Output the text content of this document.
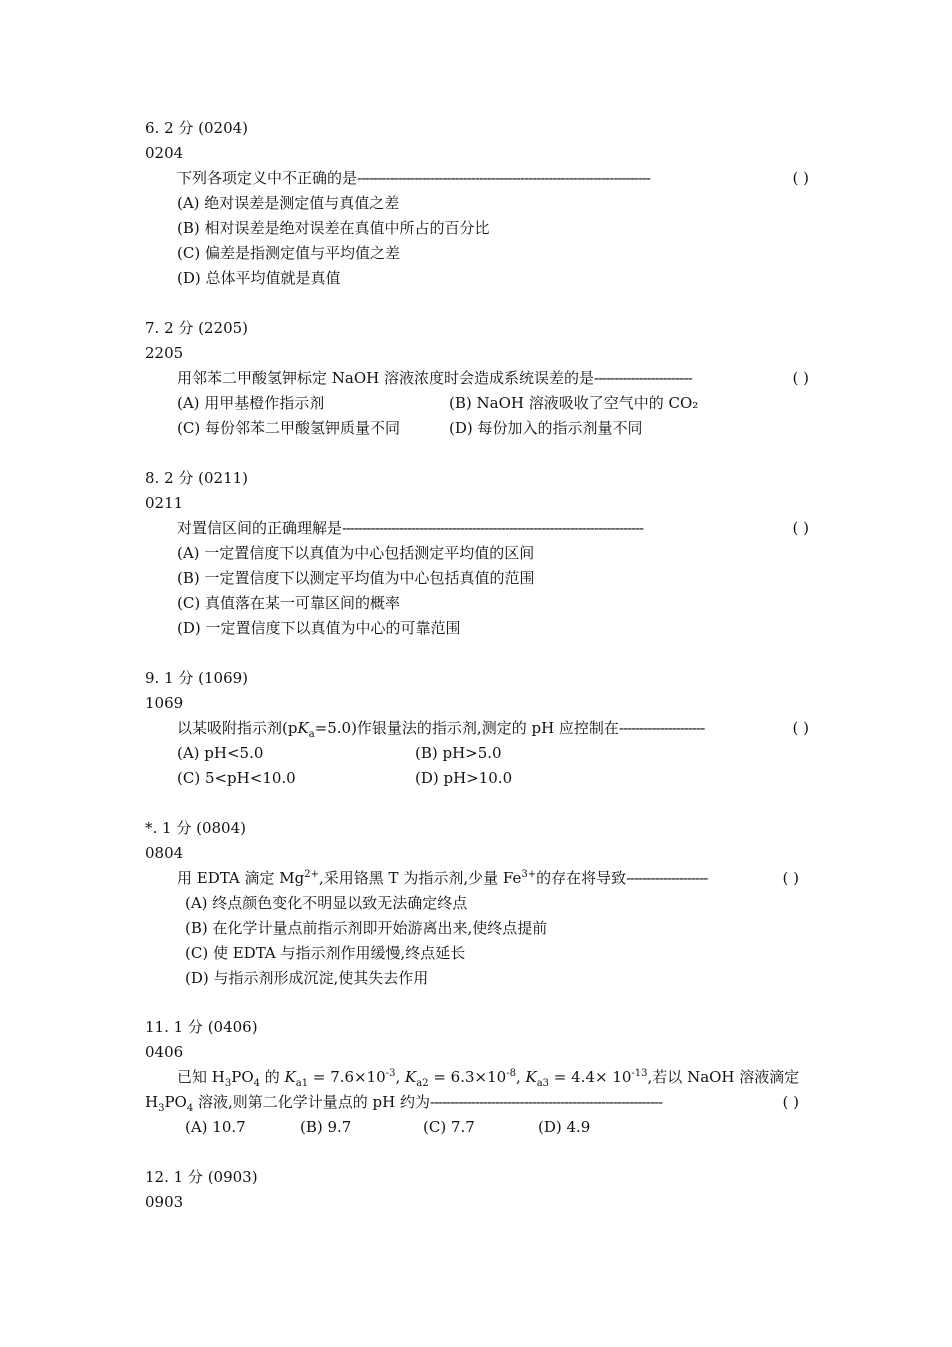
6. 2 分 (0204)
0204
下列各项定义中不正确的是------------------------------------------------------------------------	( )
(A) 绝对误差是测定值与真值之差
(B) 相对误差是绝对误差在真值中所占的百分比
(C) 偏差是指测定值与平均值之差
(D) 总体平均值就是真值
7. 2 分 (2205)
2205
用邻苯二甲酸氢钾标定 NaOH 溶液浓度时会造成系统误差的是------------------------	( )
(A) 用甲基橙作指示剂	(B) NaOH 溶液吸收了空气中的 CO₂
(C) 每份邻苯二甲酸氢钾质量不同	(D) 每份加入的指示剂量不同
8. 2 分 (0211)
0211
对置信区间的正确理解是--------------------------------------------------------------------------	( )
(A) 一定置信度下以真值为中心包括测定平均值的区间
(B) 一定置信度下以测定平均值为中心包括真值的范围
(C) 真值落在某一可靠区间的概率
(D) 一定置信度下以真值为中心的可靠范围
9. 1 分 (1069)
1069
以某吸附指示剂$(pK_a=5.0)$作银量法的指示剂,测定的 pH 应控制在---------------------	( )
(A) pH<5.0	(B) pH>5.0
(C) 5<pH<10.0	(D) pH>10.0
*. 1 分 (0804)
0804
用 EDTA 滴定 $Mg^{2+}$,采用铬黑 T 为指示剂,少量 $Fe^{3+}$的存在将导致--------------------	( )
(A) 终点颜色变化不明显以致无法确定终点
(B) 在化学计量点前指示剂即开始游离出来,使终点提前
(C) 使 EDTA 与指示剂作用缓慢,终点延长
(D) 与指示剂形成沉淀,使其失去作用
11. 1 分 (0406)
0406
已知 $H_3PO_4$ 的 $K_{a1} = 7.6\times 10^{-3}$, $K_{a2} = 6.3\times 10^{-8}$, $K_{a3} = 4.4\times 10^{-13}$,若以 NaOH 溶液滴定
$H_3PO_4$ 溶液,则第二化学计量点的 pH 约为---------------------------------------------------------	( )
(A) 10.7	(B) 9.7	(C) 7.7	(D) 4.9
12. 1 分 (0903)
0903
